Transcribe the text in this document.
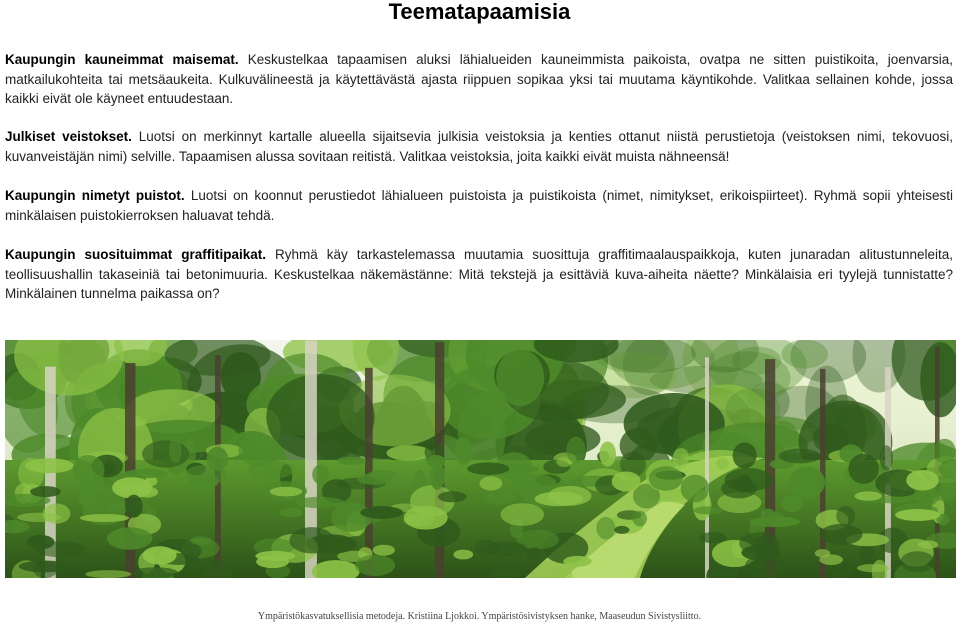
Teematapaamisia

Kaupungin kauneimmat maisemat. Keskustelkaa tapaamisen aluksi lähialueiden kauneimmista paikoista, ovatpa ne sitten puistikoita, joenvarsia, matkailukohteita tai metsäaukeita. Kulkuvälineestä ja käytettävästä ajasta riippuen sopikaa yksi tai muutama käyntikohde. Valitkaa sellainen kohde, jossa kaikki eivät ole käyneet entuudestaan.

Julkiset veistokset. Luotsi on merkinnyt kartalle alueella sijaitsevia julkisia veistoksia ja kenties ottanut niistä perustietoja (veistoksen nimi, tekovuosi, kuvanveistäjän nimi) selville. Tapaamisen alussa sovitaan reitistä. Valitkaa veistoksia, joita kaikki eivät muista nähneensä!

Kaupungin nimetyt puistot. Luotsi on koonnut perustiedot lähialueen puistoista ja puistikoista (nimet, nimitykset, erikoispiirteet). Ryhmä sopii yhteisesti minkälaisen puistokierroksen haluavat tehdä.

Kaupungin suosituimmat graffitipaikat. Ryhmä käy tarkastelemassa muutamia suosittuja graffitimaalauspaikkoja, kuten junaradan alitustunneleita, teollisuushallin takaseiniä tai betonimuuria. Keskustelkaa näkemästänne: Mitä tekstejä ja esittäviä kuva-aiheita näette? Minkälaisia eri tyylejä tunnistatte? Minkälainen tunnelma paikassa on?

Ympäristökasvatuksellisia metodeja. Kristiina Ljokkoi. Ympäristösivistyksen hanke, Maaseudun Sivistysliitto.
